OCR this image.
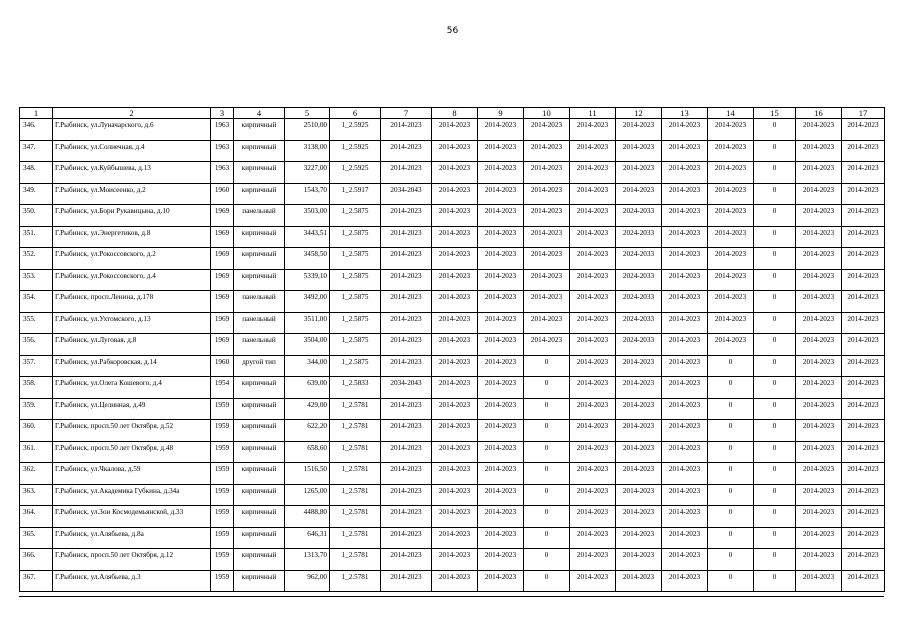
56
1	2	3	4	5	6	7	8	9	10	11	12	13	14	15	16	17
346.	Г.Рыбинск, ул.Луначарского, д.6	1963	кирпичный	2510,00	1_2.5925	2014-2023	2014-2023	2014-2023	2014-2023	2014-2023	2014-2023	2014-2023	2014-2023	0	2014-2023	2014-2023
347.	Г.Рыбинск, ул.Солнечная, д.4	1963	кирпичный	3138,00	1_2.5925	2014-2023	2014-2023	2014-2023	2014-2023	2014-2023	2014-2023	2014-2023	2014-2023	0	2014-2023	2014-2023
348.	Г.Рыбинск, ул.Куйбышева, д.13	1963	кирпичный	3227,00	1_2.5925	2014-2023	2014-2023	2014-2023	2014-2023	2014-2023	2014-2023	2014-2023	2014-2023	0	2014-2023	2014-2023
349.	Г.Рыбинск, ул.Моисеенко, д.2	1960	кирпичный	1543,70	1_2.5917	2034-2043	2014-2023	2014-2023	2014-2023	2014-2023	2014-2023	2014-2023	2014-2023	0	2014-2023	2014-2023
350.	Г.Рыбинск, ул.Бори Рукавицына, д.10	1969	панельный	3503,00	1_2.5875	2014-2023	2014-2023	2014-2023	2014-2023	2014-2023	2024-2033	2014-2023	2014-2023	0	2014-2023	2014-2023
351.	Г.Рыбинск, ул.Энергетиков, д.8	1969	кирпичный	3443,51	1_2.5875	2014-2023	2014-2023	2014-2023	2014-2023	2014-2023	2024-2033	2014-2023	2014-2023	0	2014-2023	2014-2023
352.	Г.Рыбинск, ул.Рокоссовского, д.2	1969	кирпичный	3458,50	1_2.5875	2014-2023	2014-2023	2014-2023	2014-2023	2014-2023	2024-2033	2014-2023	2014-2023	0	2014-2023	2014-2023
353.	Г.Рыбинск, ул.Рокоссовского, д.4	1969	кирпичный	5339,10	1_2.5875	2014-2023	2014-2023	2014-2023	2014-2023	2014-2023	2024-2033	2014-2023	2014-2023	0	2014-2023	2014-2023
354.	Г.Рыбинск, просп.Ленина, д.178	1969	панельный	3492,00	1_2.5875	2014-2023	2014-2023	2014-2023	2014-2023	2014-2023	2024-2033	2014-2023	2014-2023	0	2014-2023	2014-2023
355.	Г.Рыбинск, ул.Ухтомского, д.13	1969	панельный	3511,00	1_2.5875	2014-2023	2014-2023	2014-2023	2014-2023	2014-2023	2024-2033	2014-2023	2014-2023	0	2014-2023	2014-2023
356.	Г.Рыбинск, ул.Луговая, д.8	1969	панельный	3504,00	1_2.5875	2014-2023	2014-2023	2014-2023	2014-2023	2014-2023	2024-2033	2014-2023	2014-2023	0	2014-2023	2014-2023
357.	Г.Рыбинск, ул.Рабкоровская, д.14	1960	другой тип	344,00	1_2.5875	2014-2023	2014-2023	2014-2023	0	2014-2023	2014-2023	2014-2023	0	0	2014-2023	2014-2023
358.	Г.Рыбинск, ул.Олега Кошевого, д.4	1954	кирпичный	639,00	1_2.5833	2034-2043	2014-2023	2014-2023	0	2014-2023	2014-2023	2014-2023	0	0	2014-2023	2014-2023
359.	Г.Рыбинск, ул.Целинная, д.49	1959	кирпичный	429,00	1_2.5781	2014-2023	2014-2023	2014-2023	0	2014-2023	2014-2023	2014-2023	0	0	2014-2023	2014-2023
360.	Г.Рыбинск, просп.50 лет Октября, д.52	1959	кирпичный	622,20	1_2.5781	2014-2023	2014-2023	2014-2023	0	2014-2023	2014-2023	2014-2023	0	0	2014-2023	2014-2023
361.	Г.Рыбинск, просп.50 лет Октября, д.48	1959	кирпичный	658,60	1_2.5781	2014-2023	2014-2023	2014-2023	0	2014-2023	2014-2023	2014-2023	0	0	2014-2023	2014-2023
362.	Г.Рыбинск, ул.Чкалова, д.59	1959	кирпичный	1516,50	1_2.5781	2014-2023	2014-2023	2014-2023	0	2014-2023	2014-2023	2014-2023	0	0	2014-2023	2014-2023
363.	Г.Рыбинск, ул.Академика Губкина, д.34а	1959	кирпичный	1265,00	1_2.5781	2014-2023	2014-2023	2014-2023	0	2014-2023	2014-2023	2014-2023	0	0	2014-2023	2014-2023
364.	Г.Рыбинск, ул.Зои Космодемьянской, д.33	1959	кирпичный	4488,80	1_2.5781	2014-2023	2014-2023	2014-2023	0	2014-2023	2014-2023	2014-2023	0	0	2014-2023	2014-2023
365.	Г.Рыбинск, ул.Алябьева, д.8а	1959	кирпичный	646,31	1_2.5781	2014-2023	2014-2023	2014-2023	0	2014-2023	2014-2023	2014-2023	0	0	2014-2023	2014-2023
366.	Г.Рыбинск, просп.50 лет Октября, д.12	1959	кирпичный	1313,70	1_2.5781	2014-2023	2014-2023	2014-2023	0	2014-2023	2014-2023	2014-2023	0	0	2014-2023	2014-2023
367.	Г.Рыбинск, ул.Алябьева, д.3	1959	кирпичный	962,00	1_2.5781	2014-2023	2014-2023	2014-2023	0	2014-2023	2014-2023	2014-2023	0	0	2014-2023	2014-2023
